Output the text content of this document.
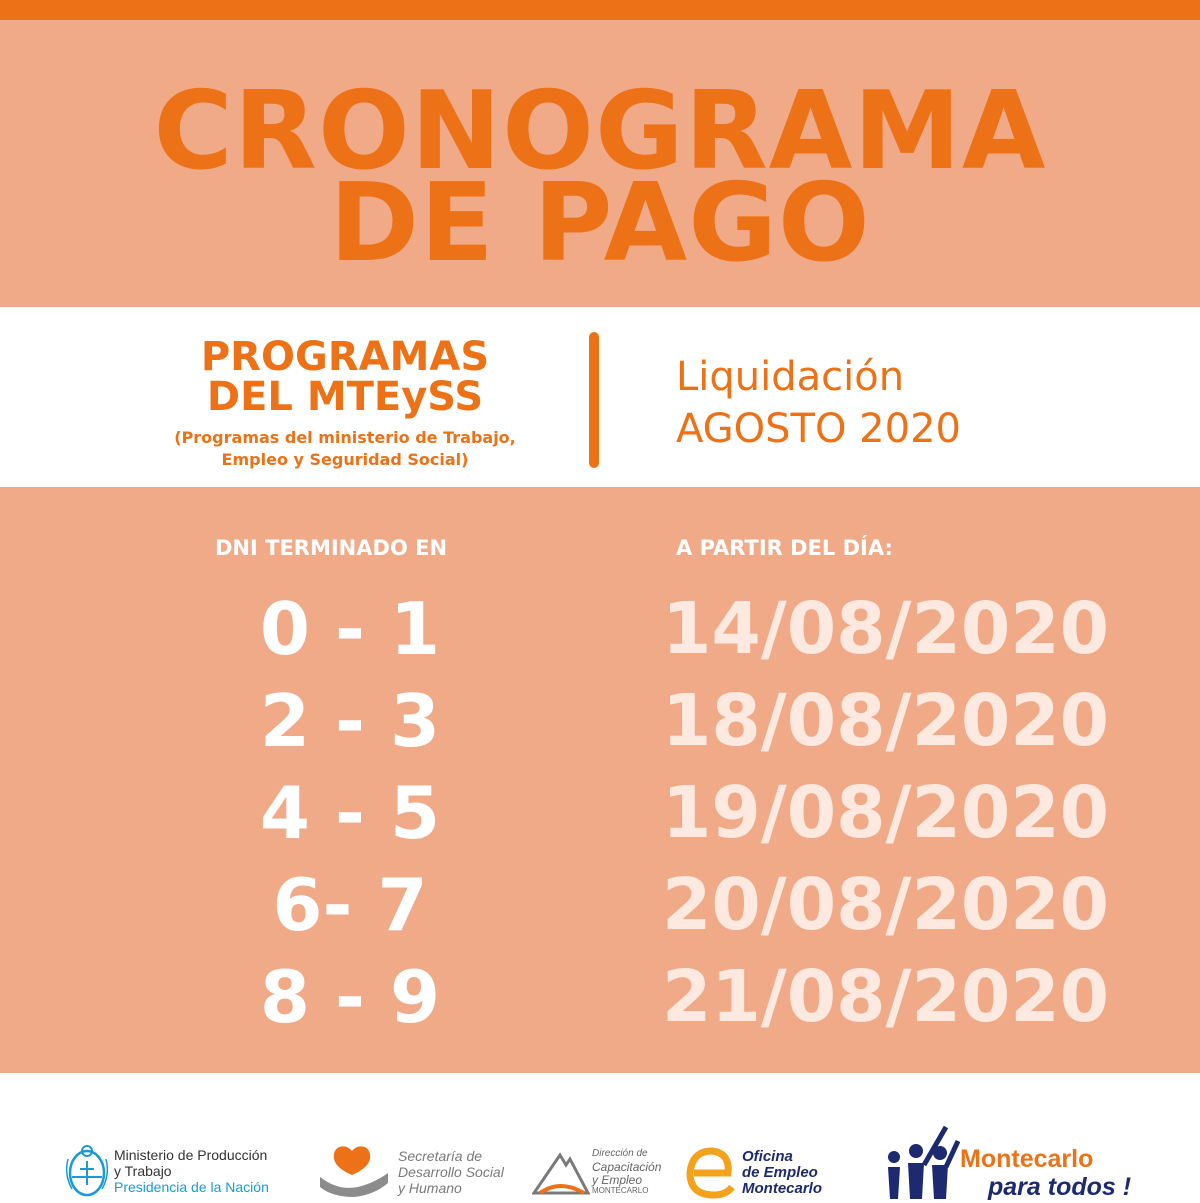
CRONOGRAMA
DE PAGO
PROGRAMAS
DEL MTEySS
(Programas del ministerio de Trabajo,
Empleo y Seguridad Social)
Liquidación
AGOSTO 2020
DNI TERMINADO EN	A PARTIR DEL DÍA:
0 - 1	14/08/2020
2 - 3	18/08/2020
4 - 5	19/08/2020
6- 7	20/08/2020
8 - 9	21/08/2020
Ministerio de Producción
y Trabajo
Presidencia de la Nación
Secretaría de
Desarrollo Social
y Humano
Dirección de
Capacitación
y Empleo
MONTECARLO
Oficina
de Empleo
Montecarlo
Montecarlo
para todos !
